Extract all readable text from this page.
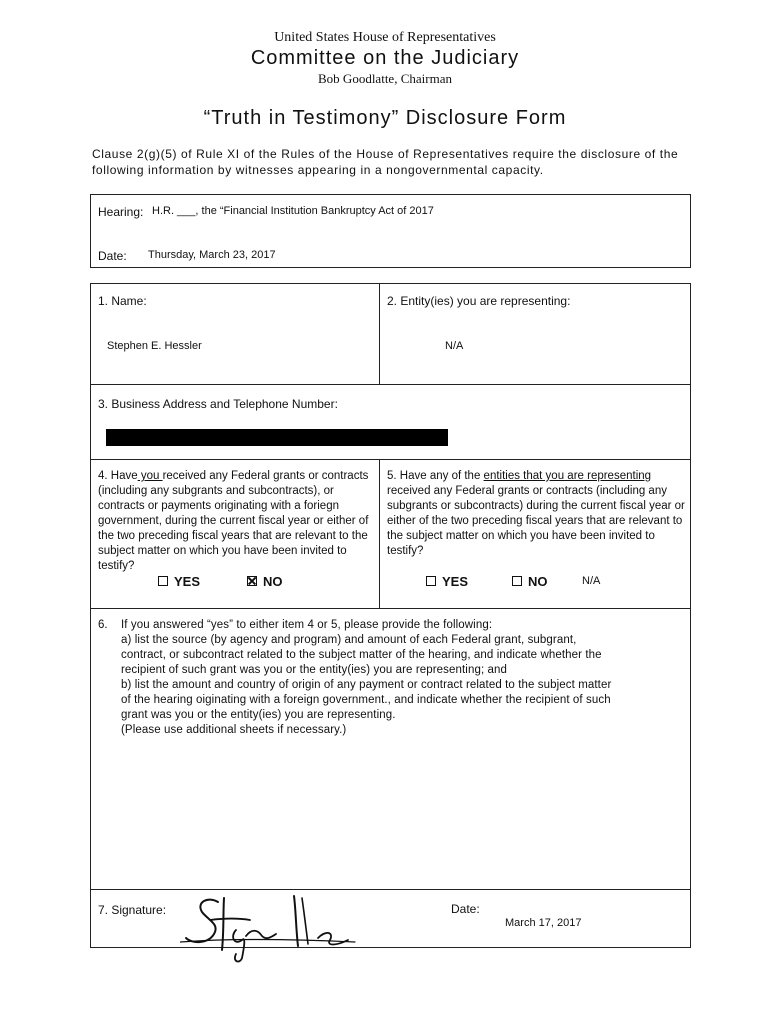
United States House of Representatives
Committee on the Judiciary
Bob Goodlatte, Chairman
“Truth in Testimony” Disclosure Form
Clause 2(g)(5) of Rule XI of the Rules of the House of Representatives require the disclosure of the following information by witnesses appearing in a nongovernmental capacity.
Hearing: H.R. ___, the “Financial Institution Bankruptcy Act of 2017
Date: Thursday, March 23, 2017
1. Name:
Stephen E. Hessler
2. Entity(ies) you are representing:
N/A
3. Business Address and Telephone Number:
4. Have you received any Federal grants or contracts (including any subgrants and subcontracts), or contracts or payments originating with a foriegn government, during the current fiscal year or either of the two preceding fiscal years that are relevant to the subject matter on which you have been invited to testify?
YES	NO
5. Have any of the entities that you are representing received any Federal grants or contracts (including any subgrants or subcontracts) during the current fiscal year or either of the two preceding fiscal years that are relevant to the subject matter on which you have been invited to testify?
YES	NO	N/A
6. If you answered “yes” to either item 4 or 5, please provide the following:
a) list the source (by agency and program) and amount of each Federal grant, subgrant,
contract, or subcontract related to the subject matter of the hearing, and indicate whether the
recipient of such grant was you or the entity(ies) you are representing; and
b) list the amount and country of origin of any payment or contract related to the subject matter
of the hearing oiginating with a foreign government., and indicate whether the recipient of such
grant was you or the entity(ies) you are representing.
(Please use additional sheets if necessary.)
7. Signature:	Date:
March 17, 2017
